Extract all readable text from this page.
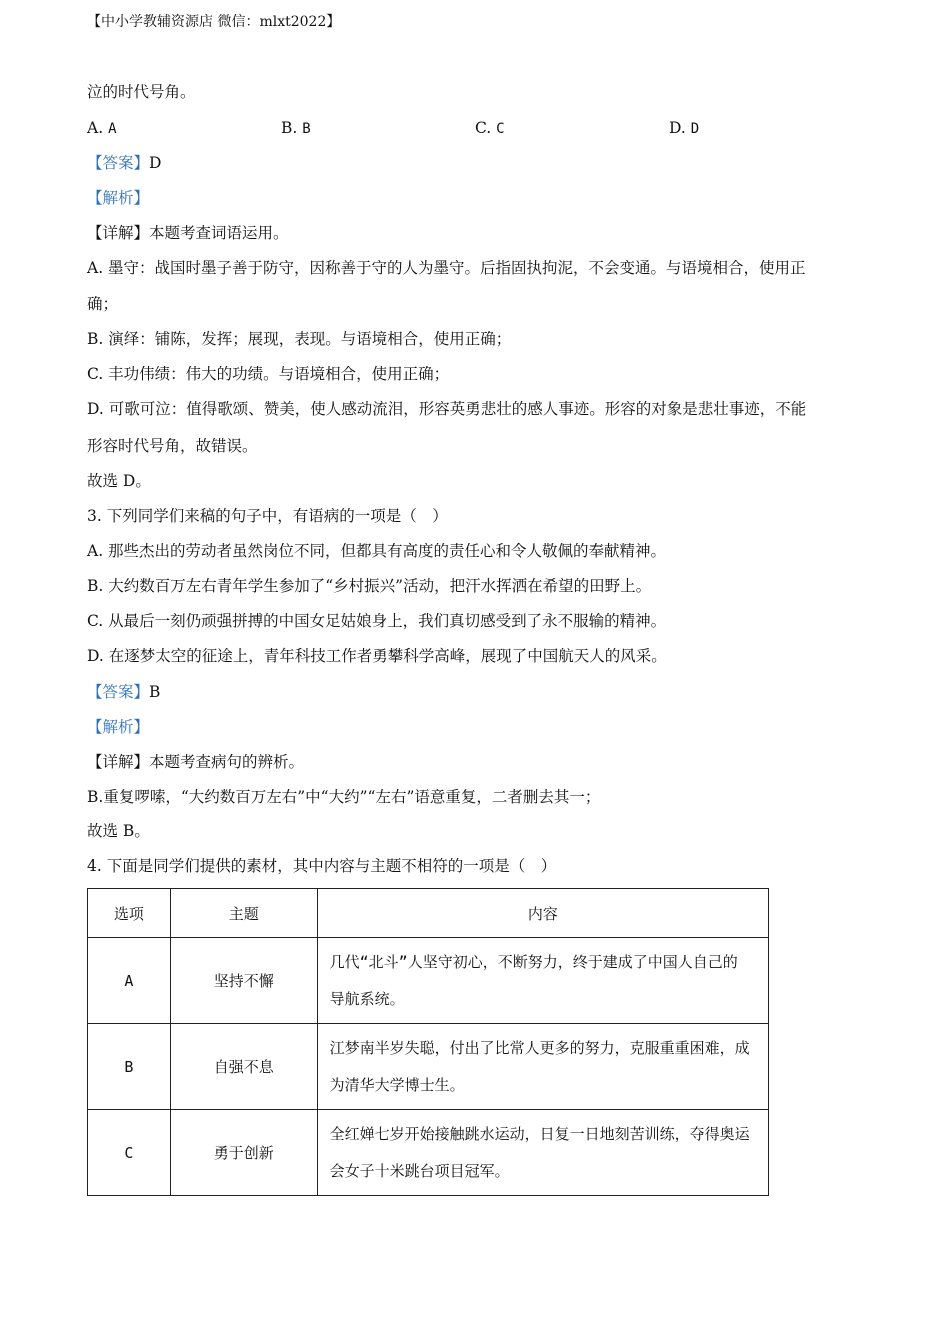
【中小学教辅资源店 微信：mlxt2022】
泣的时代号角。
A. A	B. B	C. C	D. D
【答案】D
【解析】
【详解】本题考查词语运用。
A. 墨守：战国时墨子善于防守，因称善于守的人为墨守。后指固执拘泥，不会变通。与语境相合，使用正
确；
B. 演绎：铺陈，发挥；展现，表现。与语境相合，使用正确；
C. 丰功伟绩：伟大的功绩。与语境相合，使用正确；
D. 可歌可泣：值得歌颂、赞美，使人感动流泪，形容英勇悲壮的感人事迹。形容的对象是悲壮事迹，不能
形容时代号角，故错误。
故选 D。
3. 下列同学们来稿的句子中，有语病的一项是（　）
A. 那些杰出的劳动者虽然岗位不同，但都具有高度的责任心和令人敬佩的奉献精神。
B. 大约数百万左右青年学生参加了“乡村振兴”活动，把汗水挥洒在希望的田野上。
C. 从最后一刻仍顽强拼搏的中国女足姑娘身上，我们真切感受到了永不服输的精神。
D. 在逐梦太空的征途上，青年科技工作者勇攀科学高峰，展现了中国航天人的风采。
【答案】B
【解析】
【详解】本题考查病句的辨析。
B.重复啰嗦，“大约数百万左右”中“大约”“左右”语意重复，二者删去其一；
故选 B。
4. 下面是同学们提供的素材，其中内容与主题不相符的一项是（　）
选项	主题	内容
A	坚持不懈	几代“北斗”人坚守初心，不断努力，终于建成了中国人自己的导航系统。
B	自强不息	江梦南半岁失聪，付出了比常人更多的努力，克服重重困难，成为清华大学博士生。
C	勇于创新	全红婵七岁开始接触跳水运动，日复一日地刻苦训练，夺得奥运会女子十米跳台项目冠军。
